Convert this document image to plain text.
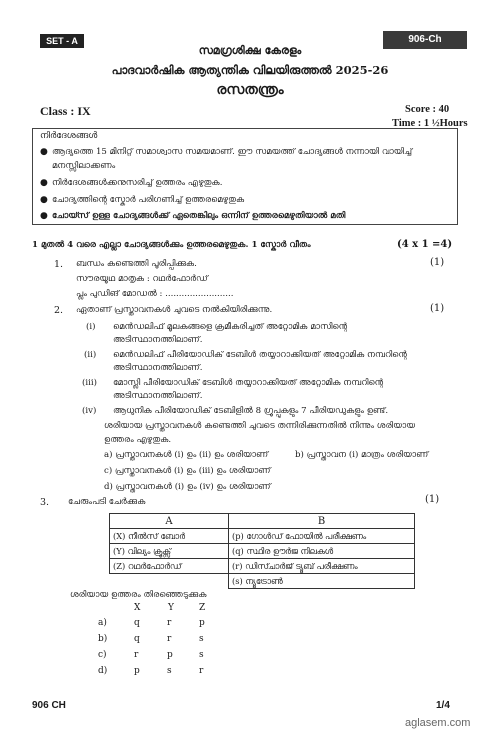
SET - A	906-Ch
സമഗ്രശിക്ഷ കേരളം
പാദവാർഷിക ആത്യന്തിക വിലയിരുത്തൽ 2025-26
രസതന്ത്രം
Class : IX	Score : 40
Time : 1 ½Hours
നിർദേശങ്ങൾ
● ആദ്യത്തെ 15 മിനിറ്റ് സമാശ്വാസ സമയമാണ്. ഈ സമയത്ത് ചോദ്യങ്ങൾ നന്നായി വായിച്ച്
മനസ്സിലാക്കണം
● നിർദേശങ്ങൾക്കനുസരിച്ച് ഉത്തരം എഴുതുക.
● ചോദ്യത്തിന്റെ സ്കോർ പരിഗണിച്ച് ഉത്തരമെഴുതുക
● ചോയ്സ് ഉള്ള ചോദ്യങ്ങൾക്ക് ഏതെങ്കിലും ഒന്നിന് ഉത്തരമെഴുതിയാൽ മതി
1 മുതൽ 4 വരെ എല്ലാ ചോദ്യങ്ങൾക്കും ഉത്തരമെഴുതുക. 1 സ്കോർ വീതം	(4 x 1 =4)
1. ബന്ധം കണ്ടെത്തി പൂരിപ്പിക്കുക.	(1)
സൗരയൂഥ മാതൃക : റഥർഫോർഡ്
പ്ലം പുഡിങ് മോഡൽ : .........................
2. ഏതാണ് പ്രസ്താവനകൾ ചുവടെ നൽകിയിരിക്കുന്നു.	(1)
(i) മെൻഡലിഫ് മൂലകങ്ങളെ ക്രമീകരിച്ചത് അറ്റോമിക മാസിന്റെ
അടിസ്ഥാനത്തിലാണ്.
(ii) മെൻഡലിഫ് പീരിയോഡിക് ടേബിൾ തയ്യാറാക്കിയത് അറ്റോമിക നമ്പറിന്റെ
അടിസ്ഥാനത്തിലാണ്.
(iii) മോസ്ലി പീരിയോഡിക് ടേബിൾ തയ്യാറാക്കിയത് അറ്റോമിക നമ്പറിന്റെ
അടിസ്ഥാനത്തിലാണ്.
(iv) ആധുനിക പീരിയോഡിക് ടേബിളിൽ 8 ഗ്രൂപ്പുകളും 7 പീരിയഡുകളും ഉണ്ട്.
ശരിയായ പ്രസ്താവനകൾ കണ്ടെത്തി ചുവടെ തന്നിരിക്കുന്നതിൽ നിന്നും ശരിയായ
ഉത്തരം എഴുതുക.
a) പ്രസ്താവനകൾ (i) ഉം (ii) ഉം ശരിയാണ്	b) പ്രസ്താവന (i) മാത്രം ശരിയാണ്
c) പ്രസ്താവനകൾ (i) ഉം (iii) ഉം ശരിയാണ്
d) പ്രസ്താവനകൾ (i) ഉം (iv) ഉം ശരിയാണ്
3. ചേരുംപടി ചേർക്കുക	(1)
A	B
(X) നീൽസ് ബോർ	(p) ഗോൾഡ് ഫോയിൽ പരീക്ഷണം
(Y) വില്യം ക്രൂക്സ്	(q) സ്ഥിര ഊർജ നിലകൾ
(Z) റഥർഫോർഡ്	(r) ഡിസ്ചാർജ് ട്യൂബ് പരീക്ഷണം
	(s) ന്യൂട്രോൺ
ശരിയായ ഉത്തരം തിരഞ്ഞെടുക്കുക
X	Y	Z
a)	q	r	p
b)	q	r	s
c)	r	p	s
d)	p	s	r
906 CH	1/4
aglasem.com
